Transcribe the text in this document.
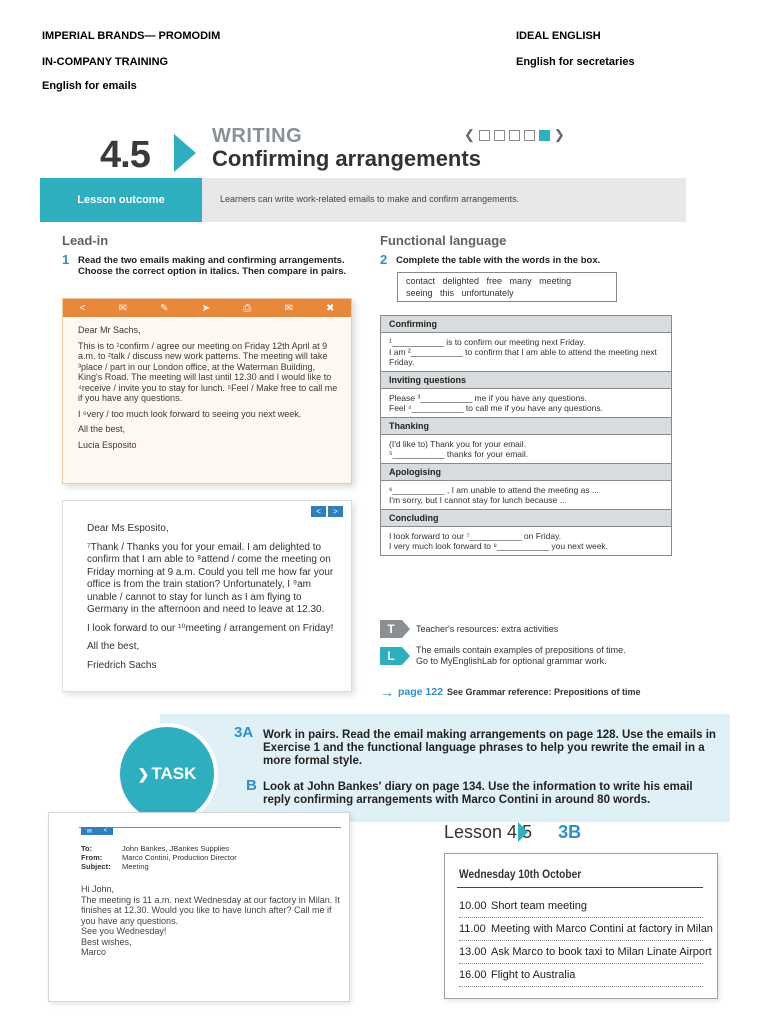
IMPERIAL BRANDS— PROMODIM
IN-COMPANY TRAINING
English for emails
IDEAL ENGLISH
English for secretaries
4.5	WRITING
Confirming arrangements
❮	❯
Lesson outcome	Learners can write work-related emails to make and confirm arrangements.
Lead-in
1 Read the two emails making and confirming arrangements. Choose the correct option in italics. Then compare in pairs.
<	✉	✎	➤	⎙	✉	✖

Dear Mr Sachs,

This is to ¹confirm / agree our meeting on Friday 12th April at 9 a.m. to ²talk / discuss new work patterns. The meeting will take ³place / part in our London office, at the Waterman Building, King's Road. The meeting will last until 12.30 and I would like to ⁴receive / invite you to stay for lunch. ⁵Feel / Make free to call me if you have any questions.

I ⁶very / too much look forward to seeing you next week.

All the best,

Lucia Esposito

<	>

Dear Ms Esposito,

⁷Thank / Thanks you for your email. I am delighted to confirm that I am able to ⁸attend / come the meeting on Friday morning at 9 a.m. Could you tell me how far your office is from the train station? Unfortunately, I ⁹am unable / cannot to stay for lunch as I am flying to Germany in the afternoon and need to leave at 12.30.

I look forward to our ¹⁰meeting / arrangement on Friday!

All the best,

Friedrich Sachs

Functional language
2 Complete the table with the words in the box.
contact   delighted   free   many   meeting
seeing   this   unfortunately
Confirming
¹___________ is to confirm our meeting next Friday.
I am ²___________ to confirm that I am able to attend the meeting next Friday.
Inviting questions
Please ³___________ me if you have any questions.
Feel ⁴___________ to call me if you have any questions.
Thanking
(I'd like to) Thank you for your email.
⁵___________ thanks for your email.
Apologising
⁶___________ , I am unable to attend the meeting as ...
I'm sorry, but I cannot stay for lunch because ...
Concluding
I look forward to our ⁷___________ on Friday.
I very much look forward to ⁸___________ you next week.
T	Teacher's resources: extra activities
L	The emails contain examples of prepositions of time.
Go to MyEnglishLab for optional grammar work.
→ page 122 See Grammar reference: Prepositions of time
❯ TASK
3A Work in pairs. Read the email making arrangements on page 128. Use the emails in Exercise 1 and the functional language phrases to help you rewrite the email in a more formal style.
B Look at John Bankes' diary on page 134. Use the information to write his email reply confirming arrangements with Marco Contini in around 80 words.
✉ <
To:	John Bankes, JBankes Supplies
From:	Marco Contini, Production Director
Subject: Meeting
Hi John,
The meeting is 11 a.m. next Wednesday at our factory in Milan. It finishes at 12.30. Would you like to have lunch after? Call me if you have any questions.
See you Wednesday!
Best wishes,
Marco
Lesson 4.5 3B
Wednesday 10th October
10.00 Short team meeting
11.00 Meeting with Marco Contini at factory in Milan
13.00 Ask Marco to book taxi to Milan Linate Airport
16.00 Flight to Australia
